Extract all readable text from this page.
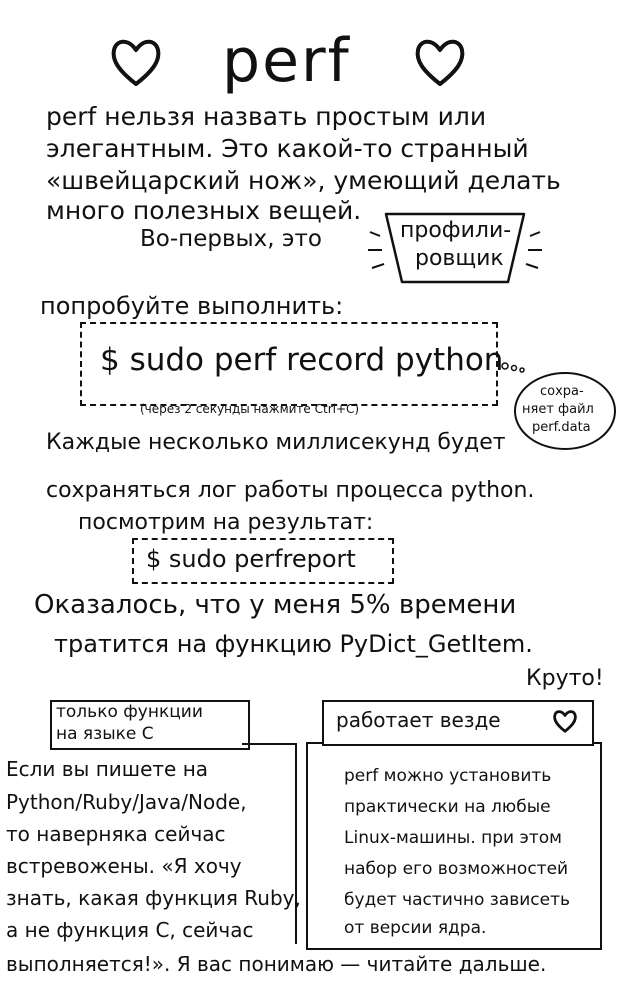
perf
perf нельзя назвать простым или
элегантным. Это какой-то странный
«швейцарский нож», умеющий делать
много полезных вещей.
Во-первых, это	профили-
ровщик
попробуйте выполнить:
$ sudo perf record python
(через 2 секунды нажмите Ctrl+C)
сохра-
няет файл
perf.data
Каждые несколько миллисекунд будет
сохраняться лог работы процесса python.
посмотрим на результат:
$ sudo perfreport
Оказалось, что у меня 5% времени
тратится на функцию PyDict_GetItem.
Круто!
только функции
на языке С
Если вы пишете на
Python/Ruby/Java/Node,
то наверняка сейчас
встревожены. «Я хочу
знать, какая функция Ruby,
а не функция С, сейчас
выполняется!». Я вас понимаю — читайте дальше.
работает везде
perf можно установить
практически на любые
Linux-машины. при этом
набор его возможностей
будет частично зависеть
от версии ядра.
